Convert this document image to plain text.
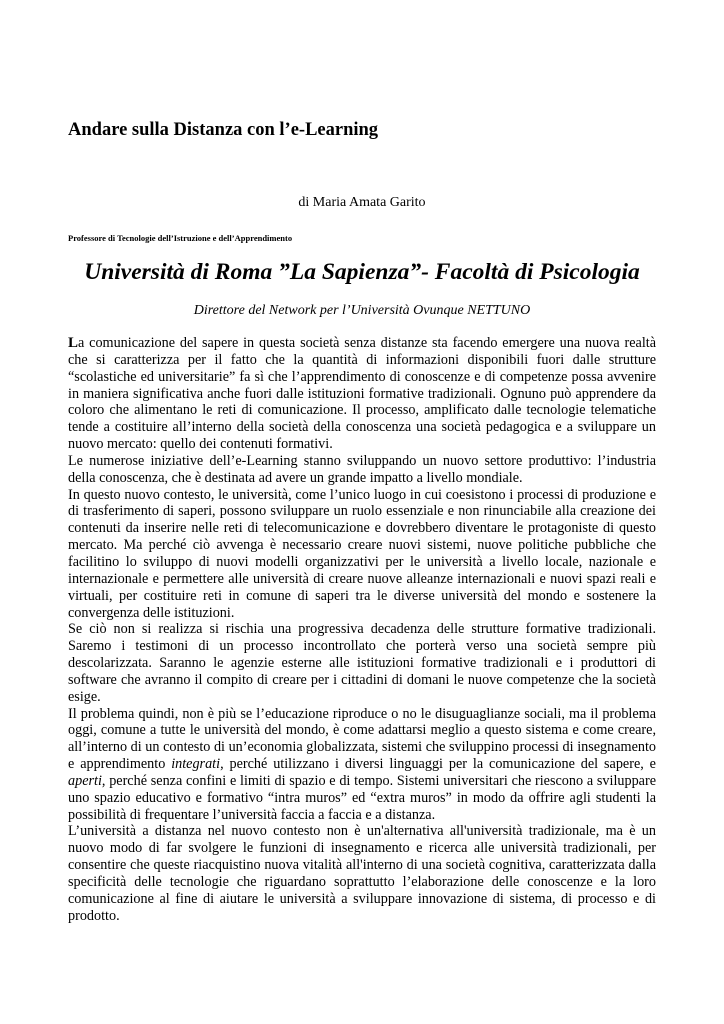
Andare sulla Distanza con l’e-Learning

di Maria Amata Garito

Professore di Tecnologie dell’Istruzione e dell’Apprendimento

Università di Roma ”La Sapienza”- Facoltà di Psicologia

Direttore del Network per l’Università Ovunque NETTUNO

La comunicazione del sapere in questa società senza distanze sta facendo emergere una nuova realtà che si caratterizza per il fatto che la quantità di informazioni disponibili fuori dalle strutture “scolastiche ed universitarie” fa sì che l’apprendimento di conoscenze e di competenze possa avvenire in maniera significativa anche fuori dalle istituzioni formative tradizionali. Ognuno può apprendere da coloro che alimentano le reti di comunicazione. Il processo, amplificato dalle tecnologie telematiche tende a costituire all’interno della società della conoscenza una società pedagogica e a sviluppare un nuovo mercato: quello dei contenuti formativi.

Le numerose iniziative dell’e-Learning stanno sviluppando un nuovo settore produttivo: l’industria della conoscenza, che è destinata ad avere un grande impatto a livello mondiale.

In questo nuovo contesto, le università, come l’unico luogo in cui coesistono i processi di produzione e di trasferimento di saperi, possono sviluppare un ruolo essenziale e non rinunciabile alla creazione dei contenuti da inserire nelle reti di telecomunicazione e dovrebbero diventare le protagoniste di questo mercato. Ma perché ciò avvenga è necessario creare nuovi sistemi, nuove politiche pubbliche che facilitino lo sviluppo di nuovi modelli organizzativi per le università a livello locale, nazionale e internazionale e permettere alle università di creare nuove alleanze internazionali e nuovi spazi reali e virtuali, per costituire reti in comune di saperi tra le diverse università del mondo e sostenere la convergenza delle istituzioni.

Se ciò non si realizza si rischia una progressiva decadenza delle strutture formative tradizionali. Saremo i testimoni di un processo incontrollato che porterà verso una società sempre più descolarizzata. Saranno le agenzie esterne alle istituzioni formative tradizionali e i produttori di software che avranno il compito di creare per i cittadini di domani le nuove competenze che la società esige.

Il problema quindi, non è più se l’educazione riproduce o no le disuguaglianze sociali, ma il problema oggi, comune a tutte le università del mondo, è come adattarsi meglio a questo sistema e come creare, all’interno di un contesto di un’economia globalizzata, sistemi che sviluppino processi di insegnamento e apprendimento integrati, perché utilizzano i diversi linguaggi per la comunicazione del sapere, e aperti, perché senza confini e limiti di spazio e di tempo. Sistemi universitari che riescono a sviluppare uno spazio educativo e formativo “intra muros” ed “extra muros” in modo da offrire agli studenti la possibilità di frequentare l’università faccia a faccia e a distanza.

L’università a distanza nel nuovo contesto non è un'alternativa all'università tradizionale, ma è un nuovo modo di far svolgere le funzioni di insegnamento e ricerca alle università tradizionali, per consentire che queste riacquistino nuova vitalità all'interno di una società cognitiva, caratterizzata dalla specificità delle tecnologie che riguardano soprattutto l’elaborazione delle conoscenze e la loro comunicazione al fine di aiutare le università a sviluppare innovazione di sistema, di processo e di prodotto.
